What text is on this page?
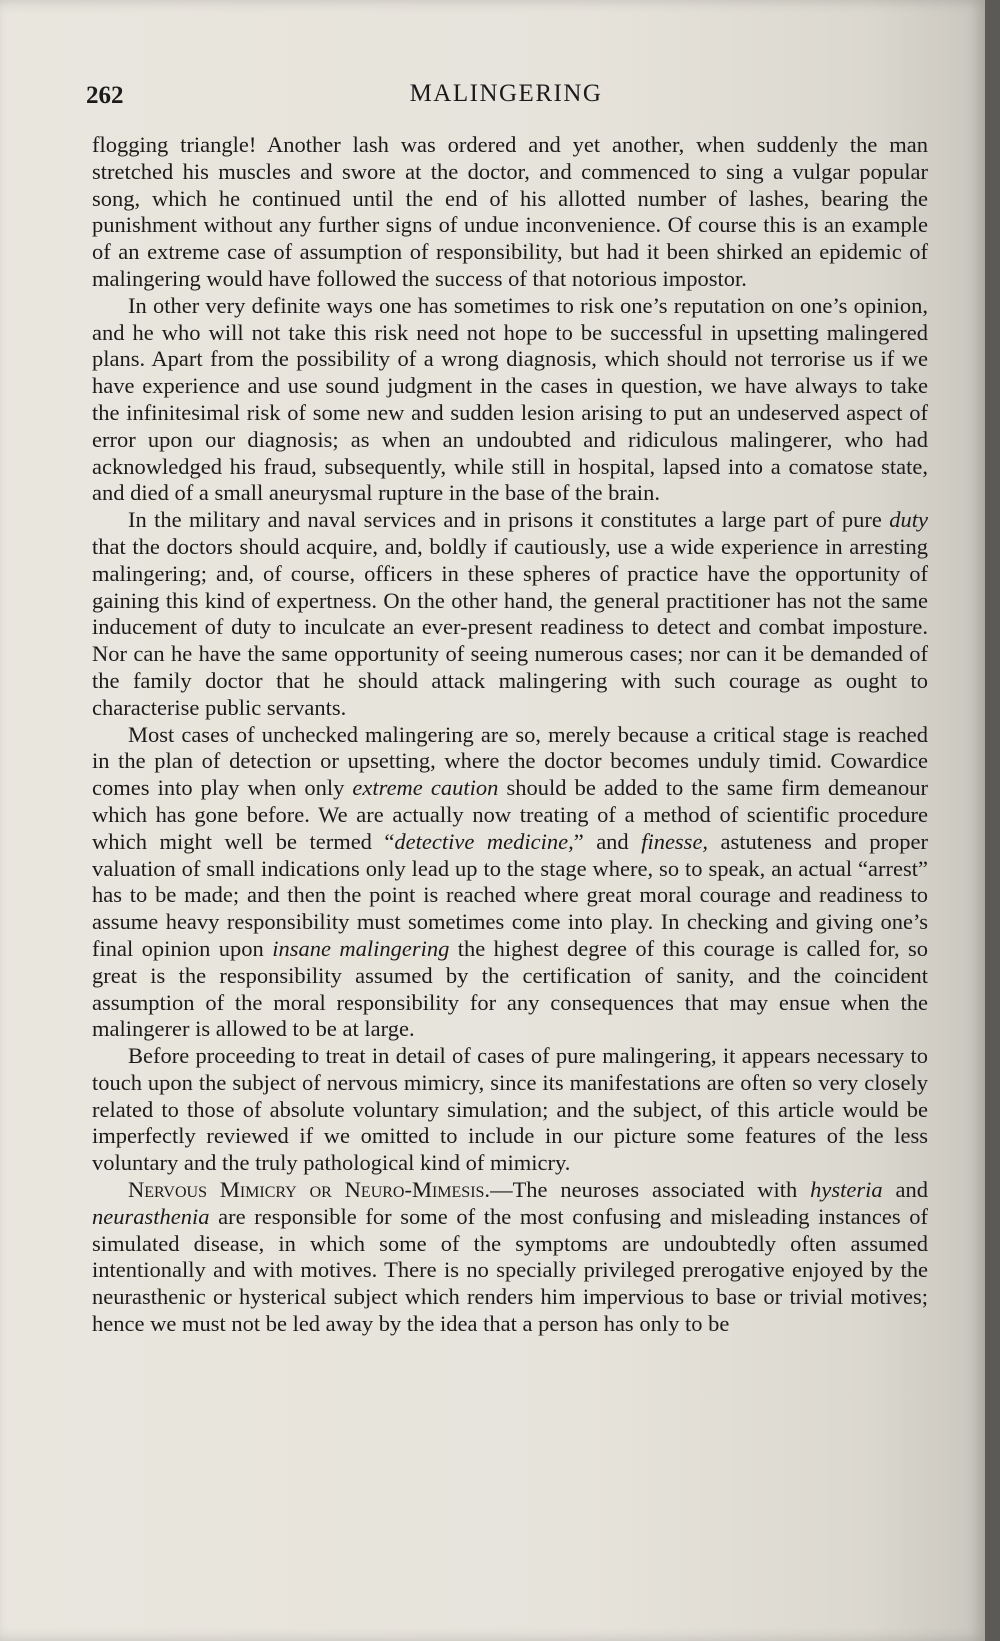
262	MALINGERING

flogging triangle! Another lash was ordered and yet another, when suddenly the man stretched his muscles and swore at the doctor, and commenced to sing a vulgar popular song, which he continued until the end of his allotted number of lashes, bearing the punishment without any further signs of undue inconvenience. Of course this is an example of an extreme case of assumption of responsibility, but had it been shirked an epidemic of malingering would have followed the success of that notorious impostor.

In other very definite ways one has sometimes to risk one’s reputation on one’s opinion, and he who will not take this risk need not hope to be successful in upsetting malingered plans. Apart from the possibility of a wrong diagnosis, which should not terrorise us if we have experience and use sound judgment in the cases in question, we have always to take the infinitesimal risk of some new and sudden lesion arising to put an undeserved aspect of error upon our diagnosis; as when an undoubted and ridiculous malingerer, who had acknowledged his fraud, subsequently, while still in hospital, lapsed into a comatose state, and died of a small aneurysmal rupture in the base of the brain.

In the military and naval services and in prisons it constitutes a large part of pure duty that the doctors should acquire, and, boldly if cautiously, use a wide experience in arresting malingering; and, of course, officers in these spheres of practice have the opportunity of gaining this kind of expertness. On the other hand, the general practitioner has not the same inducement of duty to inculcate an ever-present readiness to detect and combat imposture. Nor can he have the same opportunity of seeing numerous cases; nor can it be demanded of the family doctor that he should attack malingering with such courage as ought to characterise public servants.

Most cases of unchecked malingering are so, merely because a critical stage is reached in the plan of detection or upsetting, where the doctor becomes unduly timid. Cowardice comes into play when only extreme caution should be added to the same firm demeanour which has gone before. We are actually now treating of a method of scientific procedure which might well be termed “detective medicine,” and finesse, astuteness and proper valuation of small indications only lead up to the stage where, so to speak, an actual “arrest” has to be made; and then the point is reached where great moral courage and readiness to assume heavy responsibility must sometimes come into play. In checking and giving one’s final opinion upon insane malingering the highest degree of this courage is called for, so great is the responsibility assumed by the certification of sanity, and the coincident assumption of the moral responsibility for any consequences that may ensue when the malingerer is allowed to be at large.

Before proceeding to treat in detail of cases of pure malingering, it appears necessary to touch upon the subject of nervous mimicry, since its manifestations are often so very closely related to those of absolute voluntary simulation; and the subject, of this article would be imperfectly reviewed if we omitted to include in our picture some features of the less voluntary and the truly pathological kind of mimicry.

Nervous Mimicry or Neuro-Mimesis.—The neuroses associated with hysteria and neurasthenia are responsible for some of the most confusing and misleading instances of simulated disease, in which some of the symptoms are undoubtedly often assumed intentionally and with motives. There is no specially privileged prerogative enjoyed by the neurasthenic or hysterical subject which renders him impervious to base or trivial motives; hence we must not be led away by the idea that a person has only to be
